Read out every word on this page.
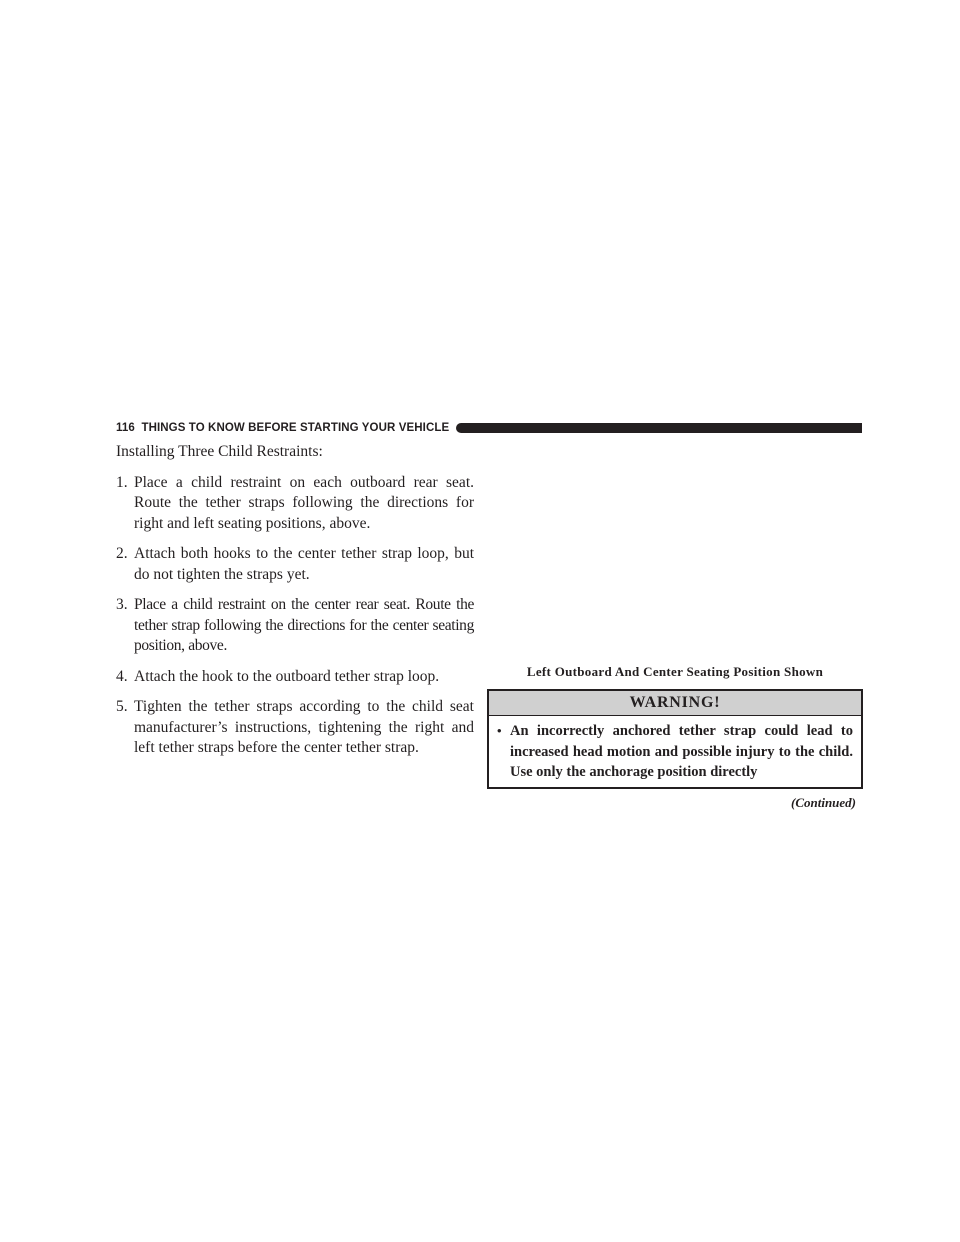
116 THINGS TO KNOW BEFORE STARTING YOUR VEHICLE

Installing Three Child Restraints:

1. Place a child restraint on each outboard rear seat. Route the tether straps following the directions for right and left seating positions, above.
2. Attach both hooks to the center tether strap loop, but do not tighten the straps yet.
3. Place a child restraint on the center rear seat. Route the tether strap following the directions for the center seating position, above.
4. Attach the hook to the outboard tether strap loop.
5. Tighten the tether straps according to the child seat manufacturer’s instructions, tightening the right and left tether straps before the center tether strap.

Left Outboard And Center Seating Position Shown

WARNING!
• An incorrectly anchored tether strap could lead to increased head motion and possible injury to the child. Use only the anchorage position directly
(Continued)
